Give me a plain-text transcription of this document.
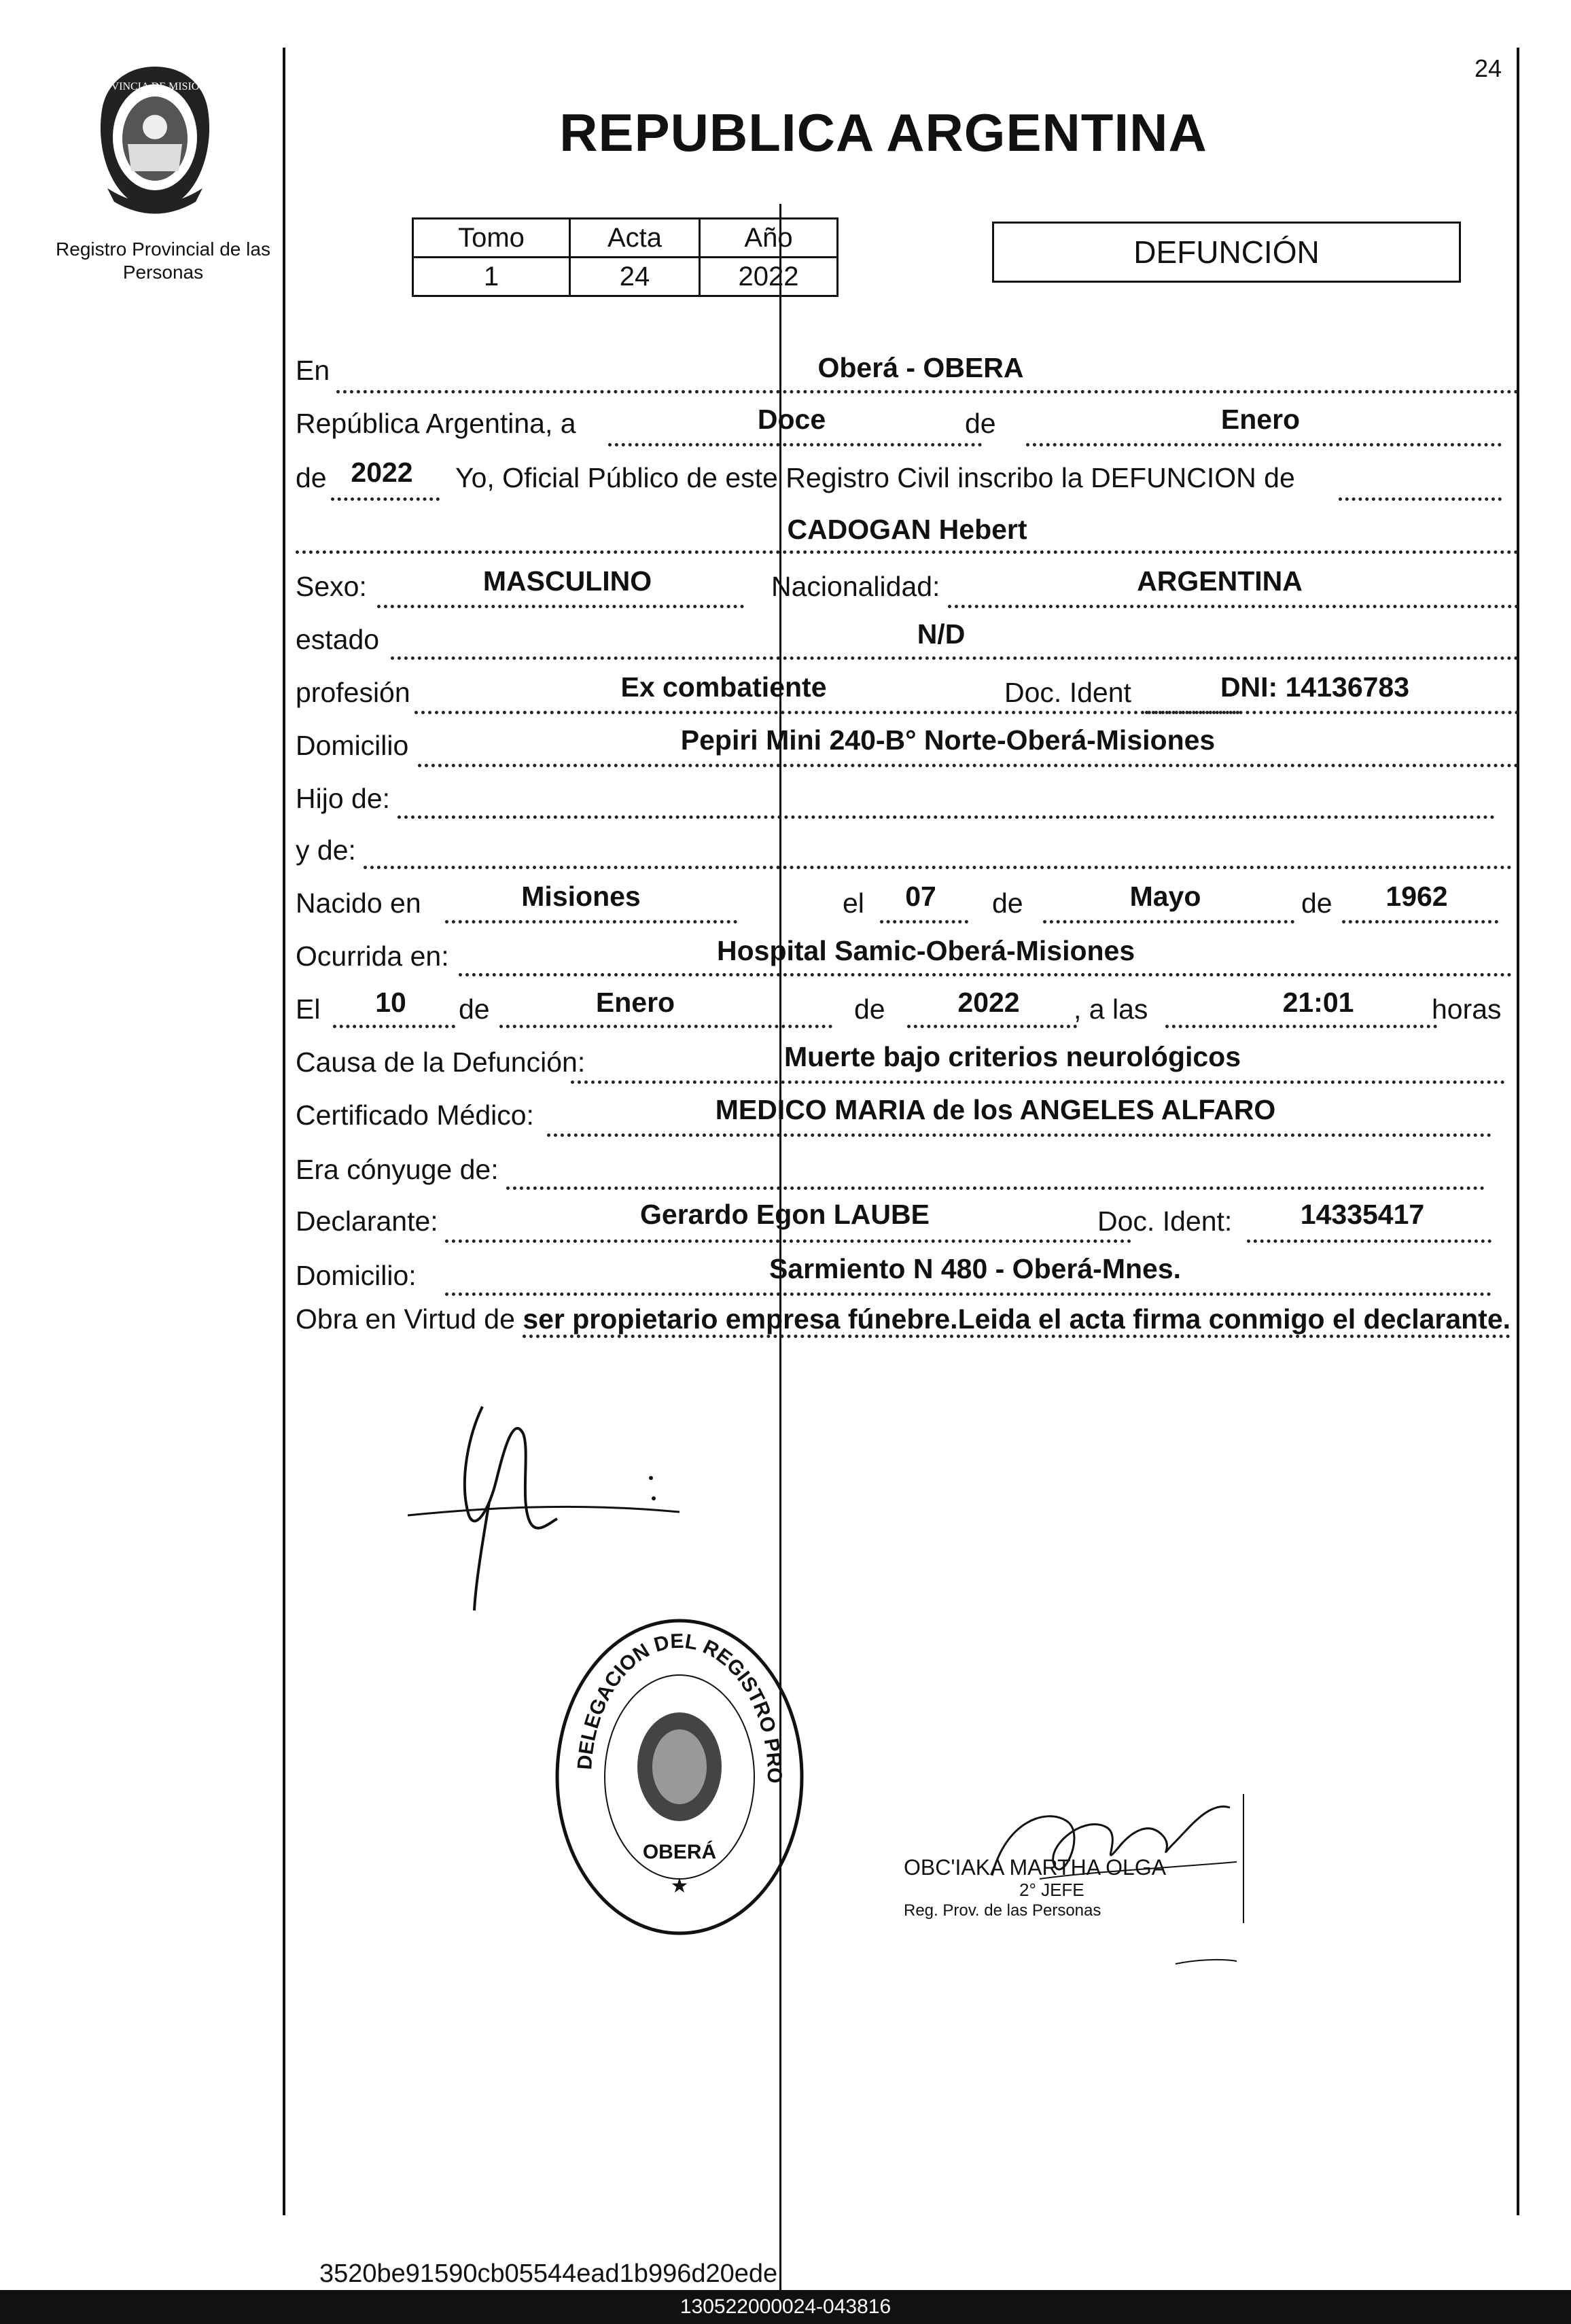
PROVINCIA DE MISIONES
Registro Provincial de las Personas
24
REPUBLICA ARGENTINA
Tomo	Acta	Año
1	24	2022
DEFUNCIÓN
En	Oberá - OBERA
República Argentina, a	Doce	de	Enero
de 2022	Yo, Oficial Público de este Registro Civil inscribo la DEFUNCION de
CADOGAN Hebert
Sexo:	MASCULINO	Nacionalidad:	ARGENTINA
estado	N/D
profesión	Ex combatiente	Doc. Ident	DNI: 14136783
Domicilio	Pepiri Mini 240-B° Norte-Oberá-Misiones
Hijo de:
y de:
Nacido en	Misiones	el	07	de	Mayo	de	1962
Ocurrida en:	Hospital Samic-Oberá-Misiones
El	10	de	Enero	de	2022	, a las	21:01	horas
Causa de la Defunción:	Muerte bajo criterios neurológicos
Certificado Médico:	MEDICO MARIA de los ANGELES ALFARO
Era cónyuge de:
Declarante:	Gerardo Egon LAUBE	Doc. Ident:	14335417
Domicilio:	Sarmiento N 480 - Oberá-Mnes.
Obra en Virtud de ser propietario empresa fúnebre.Leida el acta firma conmigo el declarante.
DELEGACION DEL REGISTRO PRO
OBERÁ
★
OBC'IAKA MARTHA OLGA
2° JEFE
Reg. Prov. de las Personas
3520be91590cb05544ead1b996d20ede
130522000024-043816
